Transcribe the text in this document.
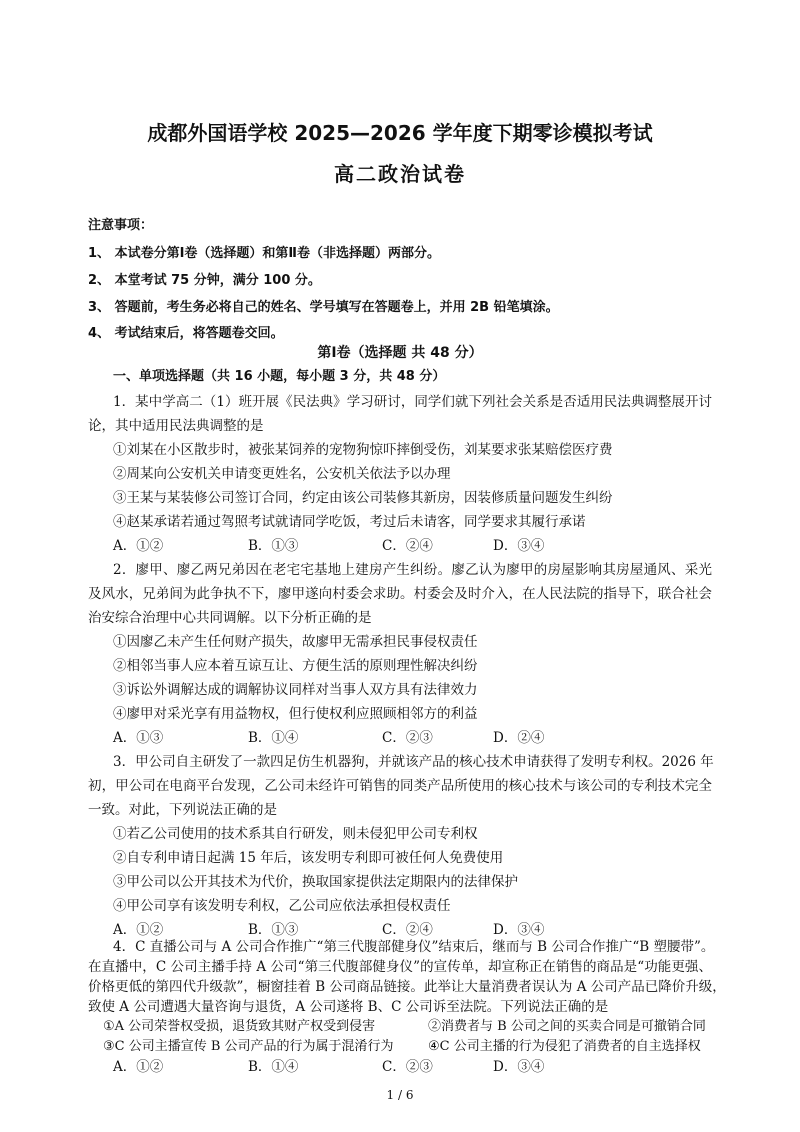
成都外国语学校 2025—2026 学年度下期零诊模拟考试
高二政治试卷
注意事项：
1、 本试卷分第Ⅰ卷（选择题）和第Ⅱ卷（非选择题）两部分。
2、 本堂考试 75 分钟，满分 100 分。
3、 答题前，考生务必将自己的姓名、学号填写在答题卷上，并用 2B 铅笔填涂。
4、 考试结束后，将答题卷交回。
第Ⅰ卷（选择题 共 48 分）
一、单项选择题（共 16 小题，每小题 3 分，共 48 分）
1．某中学高二（1）班开展《民法典》学习研讨，同学们就下列社会关系是否适用民法典调整展开讨
论，其中适用民法典调整的是
①刘某在小区散步时，被张某饲养的宠物狗惊吓摔倒受伤，刘某要求张某赔偿医疗费
②周某向公安机关申请变更姓名，公安机关依法予以办理
③王某与某装修公司签订合同，约定由该公司装修其新房，因装修质量问题发生纠纷
④赵某承诺若通过驾照考试就请同学吃饭，考过后未请客，同学要求其履行承诺
A．①②	B．①③	C．②④	D．③④
2．廖甲、廖乙两兄弟因在老宅宅基地上建房产生纠纷。廖乙认为廖甲的房屋影响其房屋通风、采光
及风水，兄弟间为此争执不下，廖甲遂向村委会求助。村委会及时介入，在人民法院的指导下，联合社会
治安综合治理中心共同调解。以下分析正确的是
①因廖乙未产生任何财产损失，故廖甲无需承担民事侵权责任
②相邻当事人应本着互谅互让、方便生活的原则理性解决纠纷
③诉讼外调解达成的调解协议同样对当事人双方具有法律效力
④廖甲对采光享有用益物权，但行使权利应照顾相邻方的利益
A．①③	B．①④	C．②③	D．②④
3．甲公司自主研发了一款四足仿生机器狗，并就该产品的核心技术申请获得了发明专利权。2026 年
初，甲公司在电商平台发现，乙公司未经许可销售的同类产品所使用的核心技术与该公司的专利技术完全
一致。对此，下列说法正确的是
①若乙公司使用的技术系其自行研发，则未侵犯甲公司专利权
②自专利申请日起满 15 年后，该发明专利即可被任何人免费使用
③甲公司以公开其技术为代价，换取国家提供法定期限内的法律保护
④甲公司享有该发明专利权，乙公司应依法承担侵权责任
A．①②	B．①③	C．②④	D．③④
4．C 直播公司与 A 公司合作推广“第三代腹部健身仪”结束后，继而与 B 公司合作推广“B 塑腰带”。
在直播中，C 公司主播手持 A 公司“第三代腹部健身仪”的宣传单，却宣称正在销售的商品是“功能更强、
价格更低的第四代升级款”，橱窗挂着 B 公司商品链接。此举让大量消费者误认为 A 公司产品已降价升级，
致使 A 公司遭遇大量咨询与退货，A 公司遂将 B、C 公司诉至法院。下列说法正确的是
①A 公司荣誉权受损，退货致其财产权受到侵害	②消费者与 B 公司之间的买卖合同是可撤销合同
③C 公司主播宣传 B 公司产品的行为属于混淆行为	④C 公司主播的行为侵犯了消费者的自主选择权
A．①②	B．①④	C．②③	D．③④
1 / 6
